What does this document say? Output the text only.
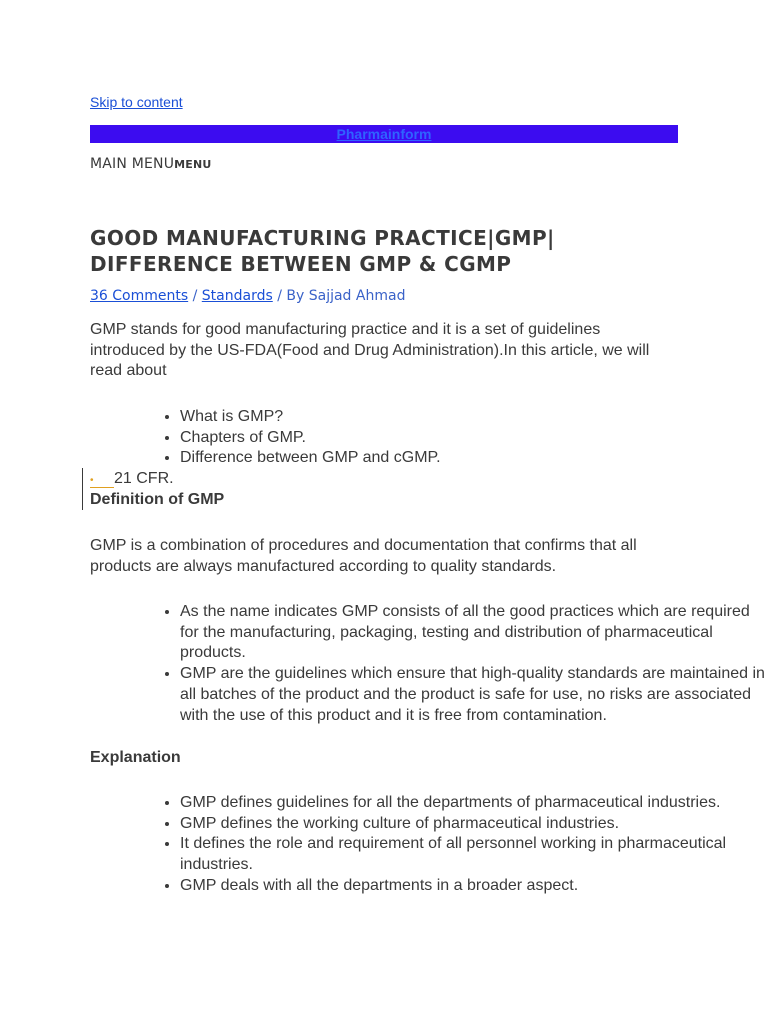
Skip to content
Pharmainform
MAIN MENUMENU
GOOD MANUFACTURING PRACTICE|GMP| DIFFERENCE BETWEEN GMP & CGMP
36 Comments / Standards / By Sajjad Ahmad

GMP stands for good manufacturing practice and it is a set of guidelines introduced by the US-FDA(Food and Drug Administration).In this article, we will read about

• What is GMP?
• Chapters of GMP.
• Difference between GMP and cGMP.
• 21 CFR.
Definition of GMP

GMP is a combination of procedures and documentation that confirms that all products are always manufactured according to quality standards.

• As the name indicates GMP consists of all the good practices which are required for the manufacturing, packaging, testing and distribution of pharmaceutical products.
• GMP are the guidelines which ensure that high-quality standards are maintained in all batches of the product and the product is safe for use, no risks are associated with the use of this product and it is free from contamination.
Explanation
• GMP defines guidelines for all the departments of pharmaceutical industries.
• GMP defines the working culture of pharmaceutical industries.
• It defines the role and requirement of all personnel working in pharmaceutical industries.
• GMP deals with all the departments in a broader aspect.
